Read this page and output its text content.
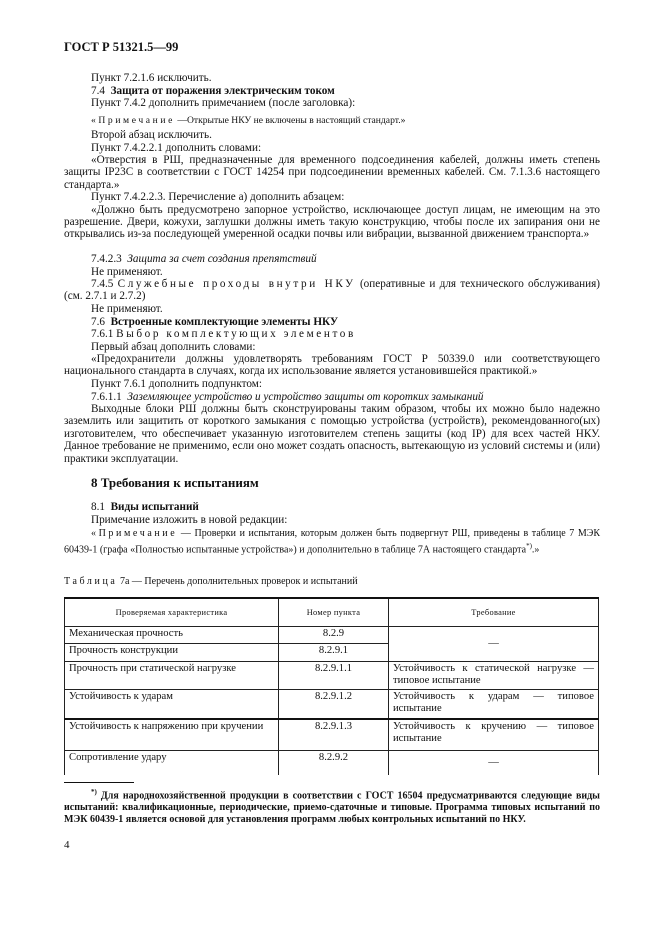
ГОСТ Р 51321.5—99
Пункт 7.2.1.6 исключить.
7.4 Защита от поражения электрическим током
Пункт 7.4.2 дополнить примечанием (после заголовка):
«Примечание —Открытые НКУ не включены в настоящий стандарт.»
Второй абзац исключить.
Пункт 7.4.2.2.1 дополнить словами:
«Отверстия в РШ, предназначенные для временного подсоединения кабелей, должны иметь степень защиты IP23C в соответствии с ГОСТ 14254 при подсоединении временных кабелей. См. 7.1.3.6 настоящего стандарта.»
Пункт 7.4.2.2.3. Перечисление а) дополнить абзацем:
«Должно быть предусмотрено запорное устройство, исключающее доступ лицам, не имеющим на это разрешение. Двери, кожухи, заглушки должны иметь такую конструкцию, чтобы после их запирания они не открывались из-за последующей умеренной осадки почвы или вибрации, вызванной движением транспорта.»
7.4.2.3 Защита за счет создания препятствий
Не применяют.
7.4.5 Служебные проходы внутри НКУ (оперативные и для технического обслуживания) (см. 2.7.1 и 2.7.2)
Не применяют.
7.6 Встроенные комплектующие элементы НКУ
7.6.1 Выбор комплектующих элементов
Первый абзац дополнить словами:
«Предохранители должны удовлетворять требованиям ГОСТ Р 50339.0 или соответствующего национального стандарта в случаях, когда их использование является установившейся практикой.»
Пункт 7.6.1 дополнить подпунктом:
7.6.1.1 Заземляющее устройство и устройство защиты от коротких замыканий
Выходные блоки РШ должны быть сконструированы таким образом, чтобы их можно было надежно заземлить или защитить от короткого замыкания с помощью устройства (устройств), рекомендованного(ых) изготовителем, что обеспечивает указанную изготовителем степень защиты (код IP) для всех частей НКУ. Данное требование не применимо, если оно может создать опасность, вытекающую из условий системы и (или) практики эксплуатации.
8 Требования к испытаниям
8.1 Виды испытаний
Примечание изложить в новой редакции:
«Примечание — Проверки и испытания, которым должен быть подвергнут РШ, приведены в таблице 7 МЭК 60439-1 (графа «Полностью испытанные устройства») и дополнительно в таблице 7А настоящего стандарта*).»
Таблица 7а — Перечень дополнительных проверок и испытаний
Проверяемая характеристика	Номер пункта	Требование
Механическая прочность	8.2.9	—
Прочность конструкции	8.2.9.1	
Прочность при статической нагрузке	8.2.9.1.1	Устойчивость к статической нагрузке — типовое испытание
Устойчивость к ударам	8.2.9.1.2	Устойчивость к ударам — типовое испытание
Устойчивость к напряжению при кручении	8.2.9.1.3	Устойчивость к кручению — типовое испытание
Сопротивление удару	8.2.9.2	—
*) Для народнохозяйственной продукции в соответствии с ГОСТ 16504 предусматриваются следующие виды испытаний: квалификационные, периодические, приемо-сдаточные и типовые. Программа типовых испытаний по МЭК 60439-1 является основой для установления программ любых контрольных испытаний по НКУ.
4
